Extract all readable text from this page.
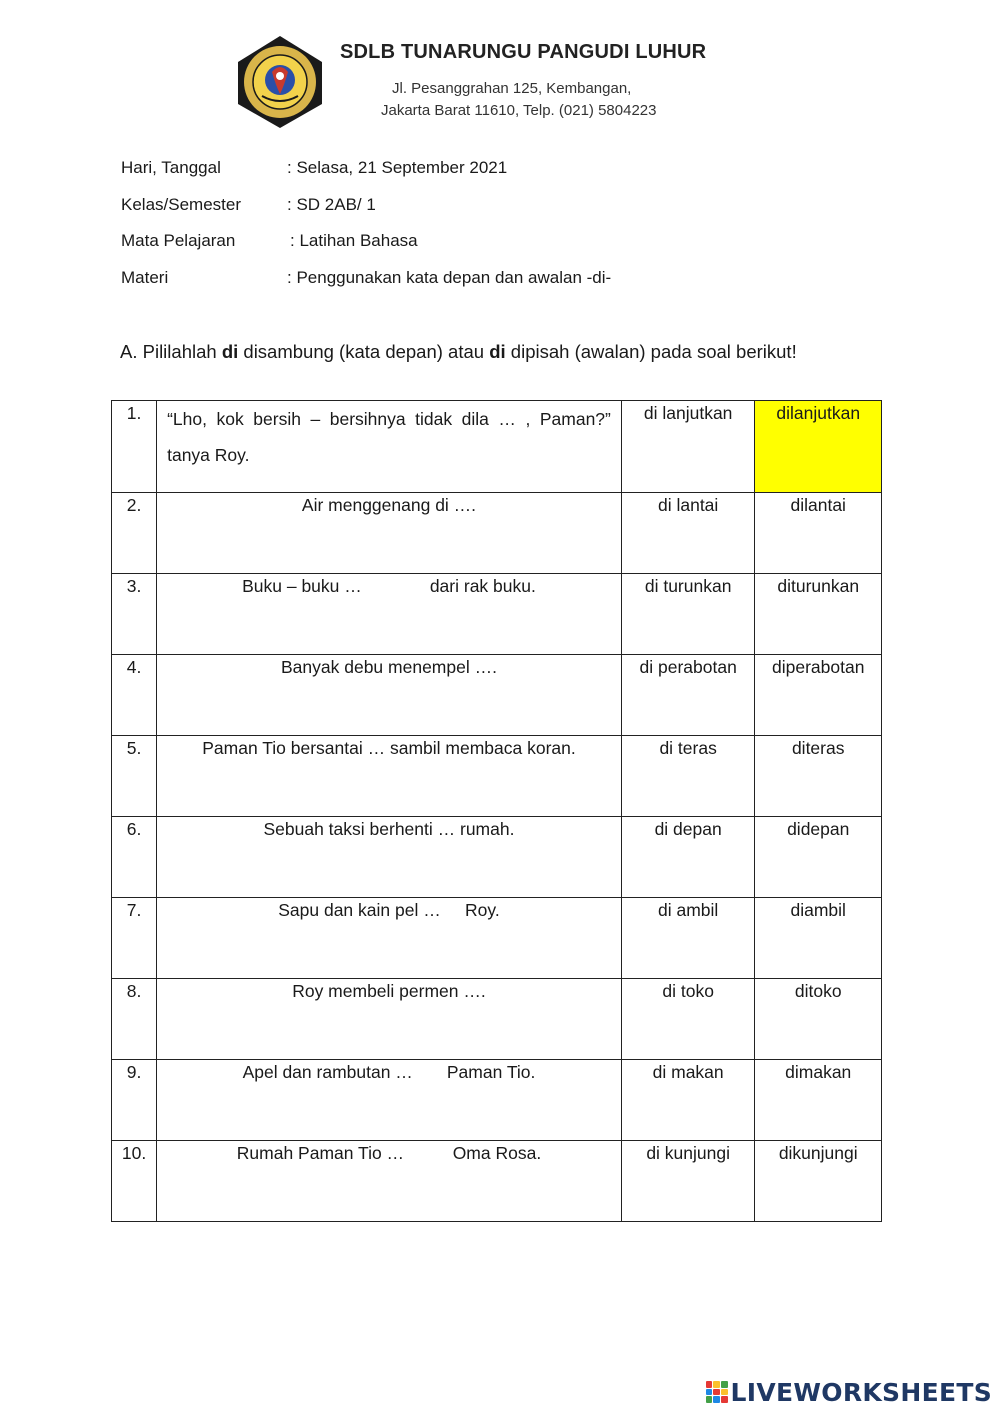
SDLB TUNARUNGU PANGUDI LUHUR
Jl. Pesanggrahan 125, Kembangan,
Jakarta Barat 11610, Telp. (021) 5804223
Hari, Tanggal	: Selasa, 21 September 2021
Kelas/Semester	: SD 2AB/ 1
Mata Pelajaran	: Latihan Bahasa
Materi	: Penggunakan kata depan dan awalan -di-
A. Pililahlah di disambung (kata depan) atau di dipisah (awalan) pada soal berikut!
1.	“Lho, kok bersih – bersihnya tidak dila … , Paman?” tanya Roy.	di lanjutkan	dilanjutkan
2.	Air menggenang di ….	di lantai	dilantai
3.	Buku – buku … dari rak buku.	di turunkan	diturunkan
4.	Banyak debu menempel ….	di perabotan	diperabotan
5.	Paman Tio bersantai … sambil membaca koran.	di teras	diteras
6.	Sebuah taksi berhenti … rumah.	di depan	didepan
7.	Sapu dan kain pel … Roy.	di ambil	diambil
8.	Roy membeli permen ….	di toko	ditoko
9.	Apel dan rambutan … Paman Tio.	di makan	dimakan
10.	Rumah Paman Tio … Oma Rosa.	di kunjungi	dikunjungi
LIVEWORKSHEETS
